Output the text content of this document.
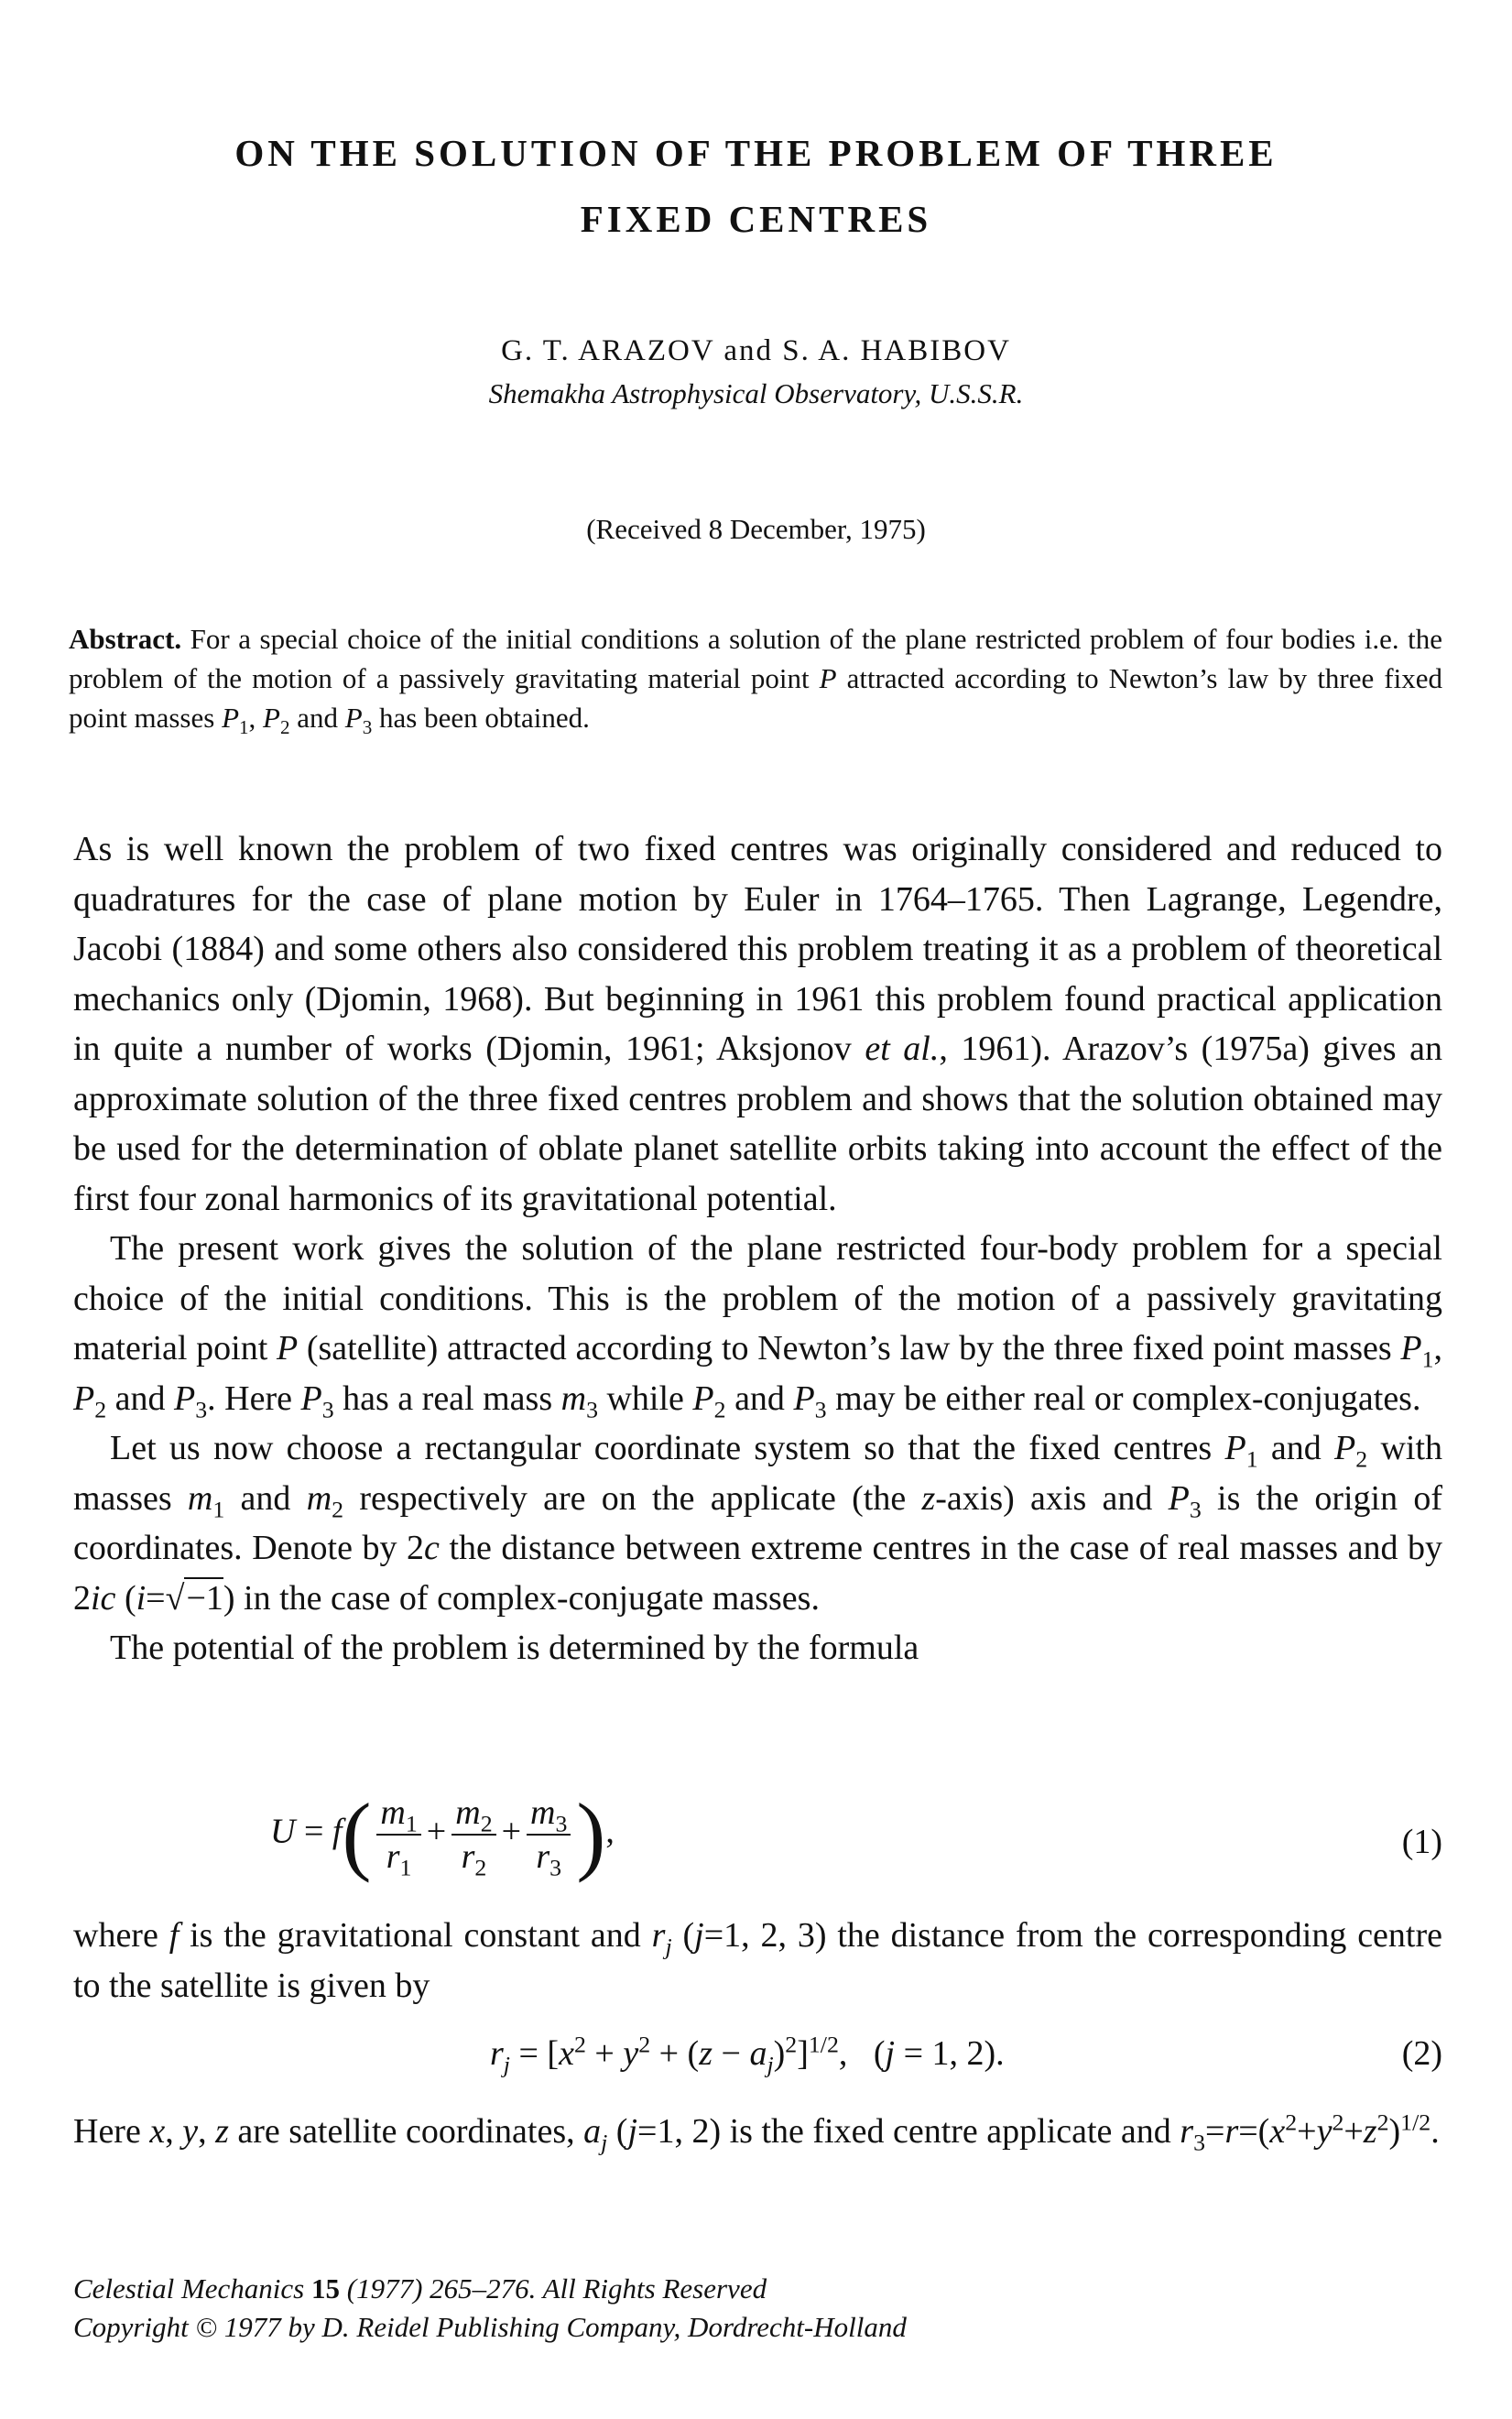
ON THE SOLUTION OF THE PROBLEM OF THREE
FIXED CENTRES
G. T. ARAZOV and S. A. HABIBOV
Shemakha Astrophysical Observatory, U.S.S.R.
(Received 8 December, 1975)
Abstract. For a special choice of the initial conditions a solution of the plane restricted problem of four bodies i.e. the problem of the motion of a passively gravitating material point P attracted according to Newton’s law by three fixed point masses $P_1$, $P_2$ and $P_3$ has been obtained.

As is well known the problem of two fixed centres was originally considered and reduced to quadratures for the case of plane motion by Euler in 1764–1765. Then Lagrange, Legendre, Jacobi (1884) and some others also considered this problem treating it as a problem of theoretical mechanics only (Djomin, 1968). But beginning in 1961 this problem found practical application in quite a number of works (Djomin, 1961; Aksjonov et al., 1961). Arazov’s (1975a) gives an approximate solution of the three fixed centres problem and shows that the solution obtained may be used for the determination of oblate planet satellite orbits taking into account the effect of the first four zonal harmonics of its gravitational potential.

The present work gives the solution of the plane restricted four-body problem for a special choice of the initial conditions. This is the problem of the motion of a passively gravitating material point P (satellite) attracted according to Newton’s law by the three fixed point masses $P_1$, $P_2$ and $P_3$. Here $P_3$ has a real mass $m_3$ while $P_2$ and $P_3$ may be either real or complex-conjugates.

Let us now choose a rectangular coordinate system so that the fixed centres $P_1$ and $P_2$ with masses $m_1$ and $m_2$ respectively are on the applicate (the z-axis) axis and $P_3$ is the origin of coordinates. Denote by 2c the distance between extreme centres in the case of real masses and by 2ic (i=√−1) in the case of complex-conjugate masses.

The potential of the problem is determined by the formula

$U = f( \frac{m_1}{r_1} + \frac{m_2}{r_2} + \frac{m_3}{r_3}$ ),	(1)

where f is the gravitational constant and $r_j$ (j=1, 2, 3) the distance from the corresponding centre to the satellite is given by

$r_j = [x^2 + y^2 + (z - a_j)^2]^{1/2}$,   (j = 1, 2).	(2)

Here x, y, z are satellite coordinates, $a_j$ (j=1, 2) is the fixed centre applicate and $r_3=r=(x^2+y^2+z^2)^{1/2}$.

Celestial Mechanics 15 (1977) 265–276. All Rights Reserved
Copyright © 1977 by D. Reidel Publishing Company, Dordrecht-Holland
